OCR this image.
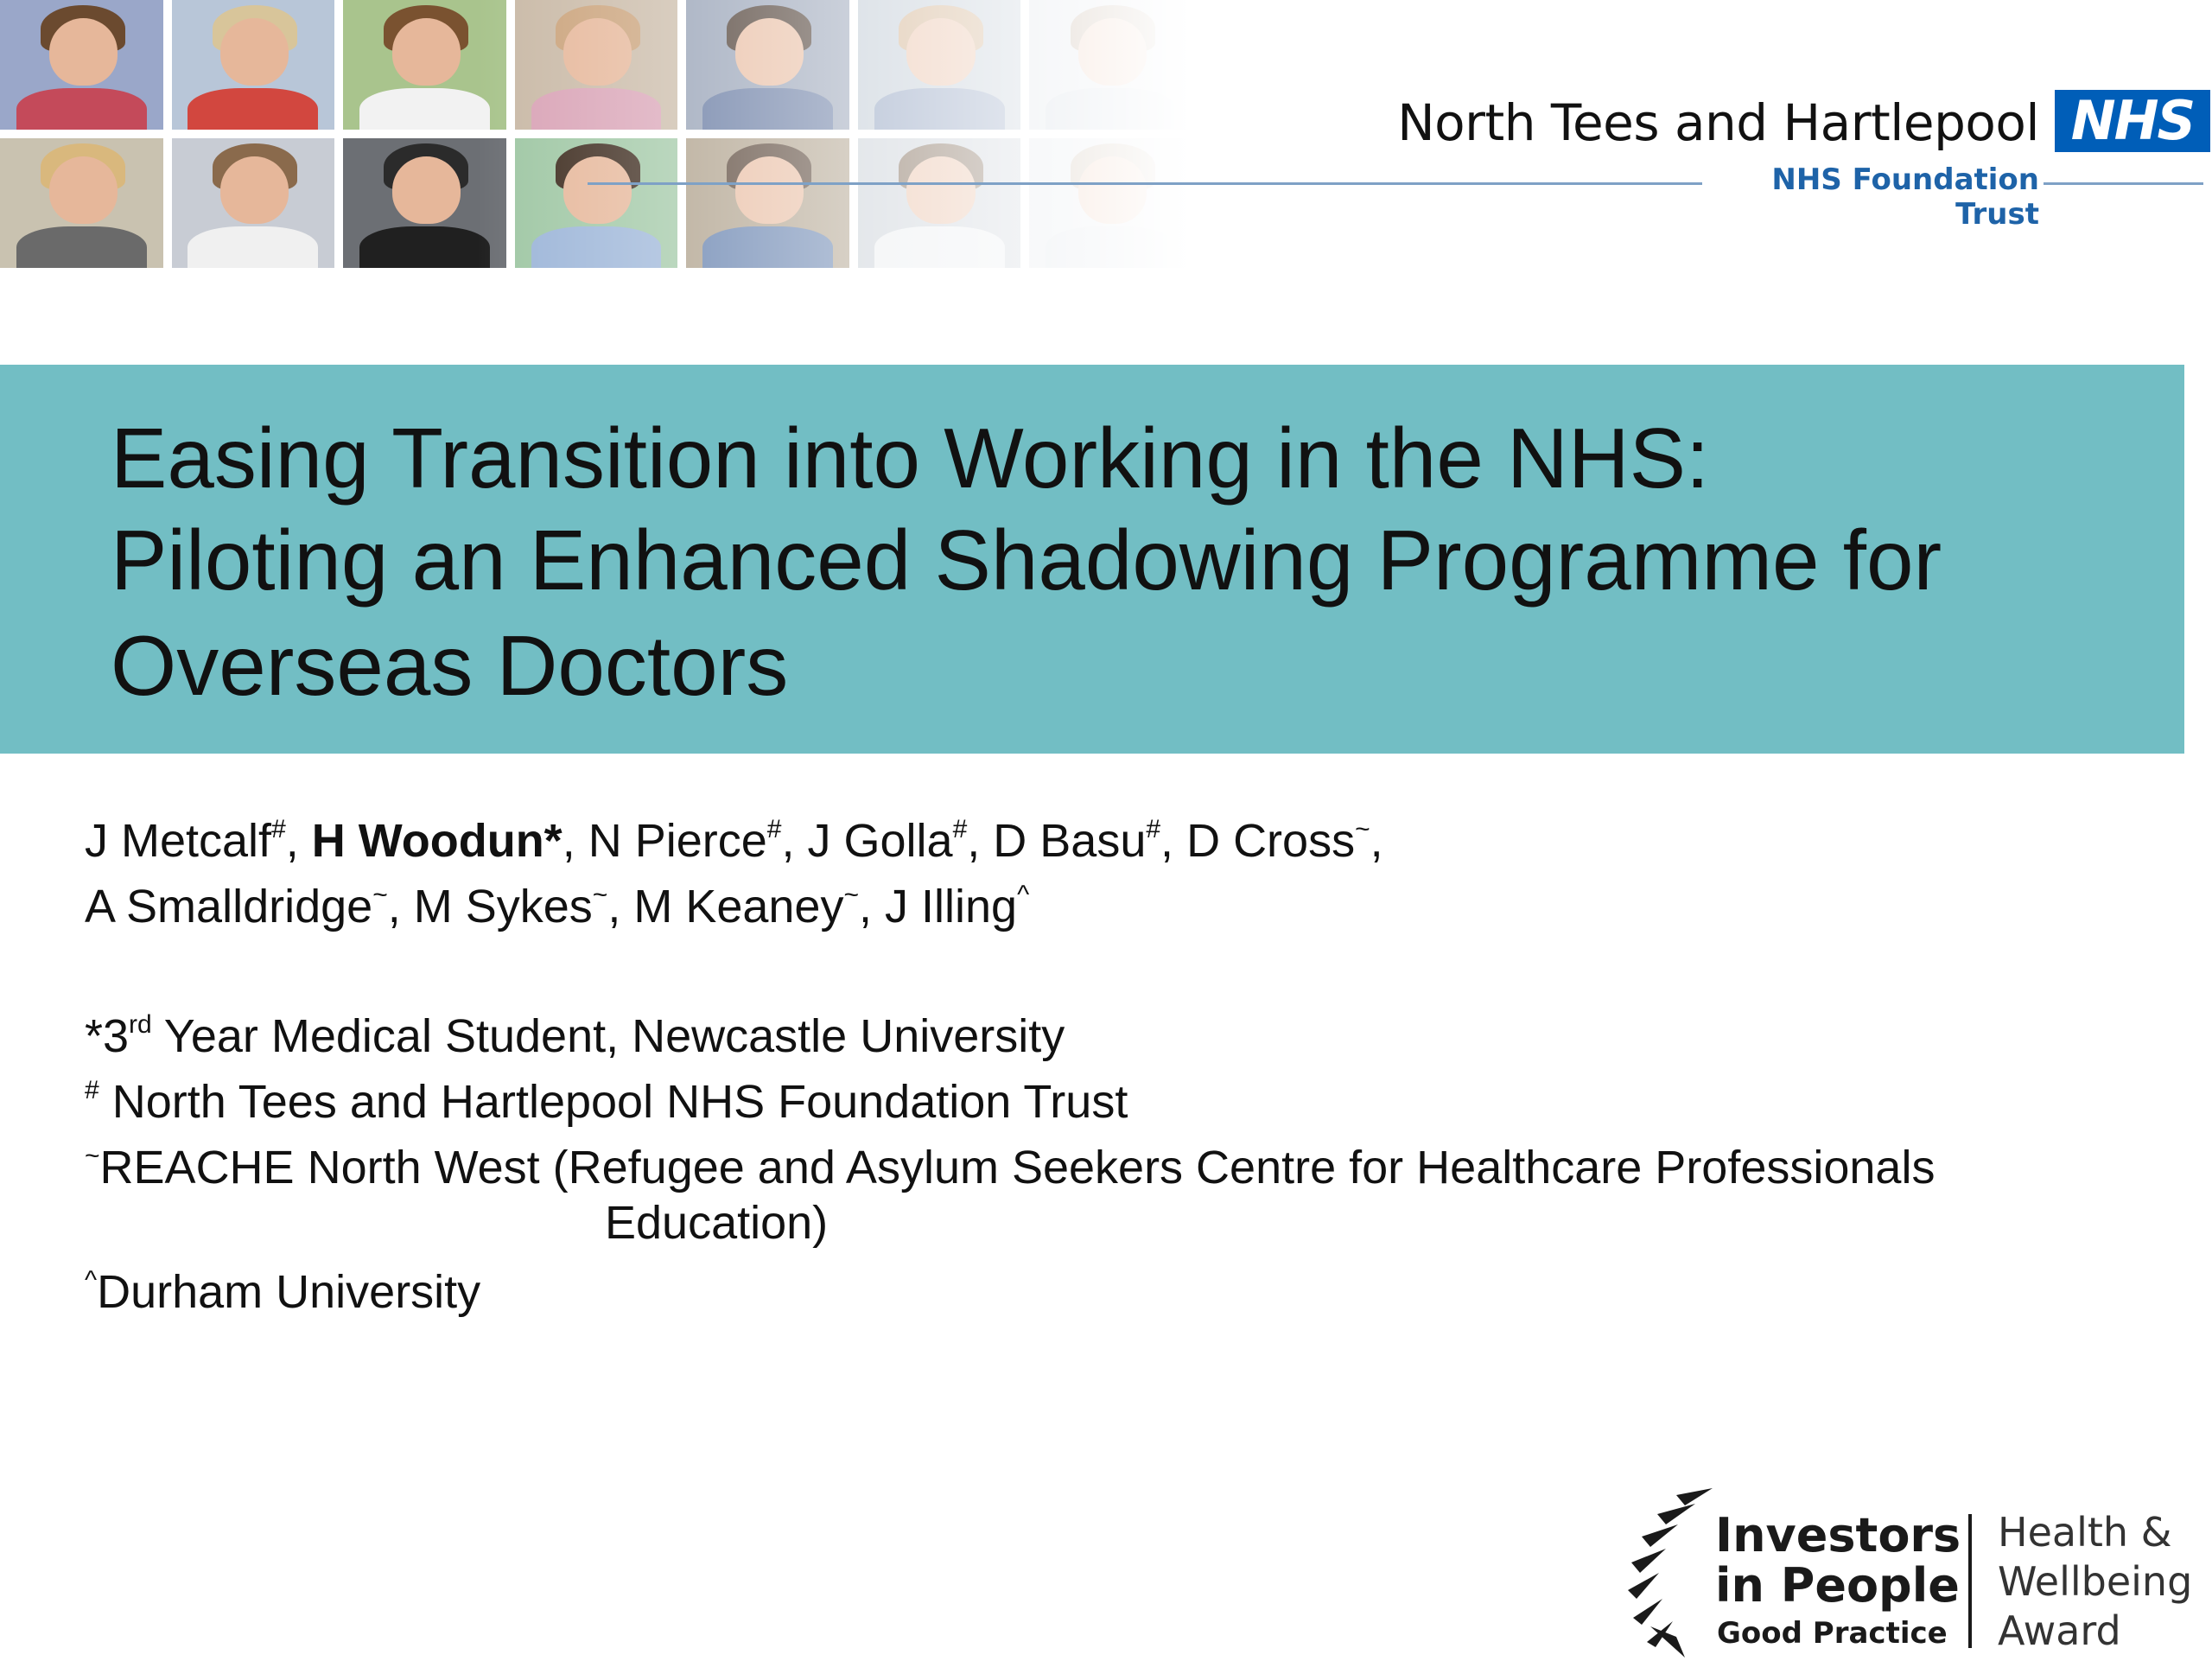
North Tees and Hartlepool
NHS Foundation Trust
NHS
Easing Transition into Working in the NHS:
Piloting an Enhanced Shadowing Programme for
Overseas Doctors
J Metcalf#, H Woodun*, N Pierce#, J Golla#, D Basu#, D Cross~,
A Smalldridge~, M Sykes~, M Keaney~, J Illing^
*3rd Year Medical Student, Newcastle University
# North Tees and Hartlepool NHS Foundation Trust
~REACHE North West (Refugee and Asylum Seekers Centre for Healthcare Professionals
Education)
^Durham University
Investors
in People
Good Practice
Health &
Wellbeing
Award
